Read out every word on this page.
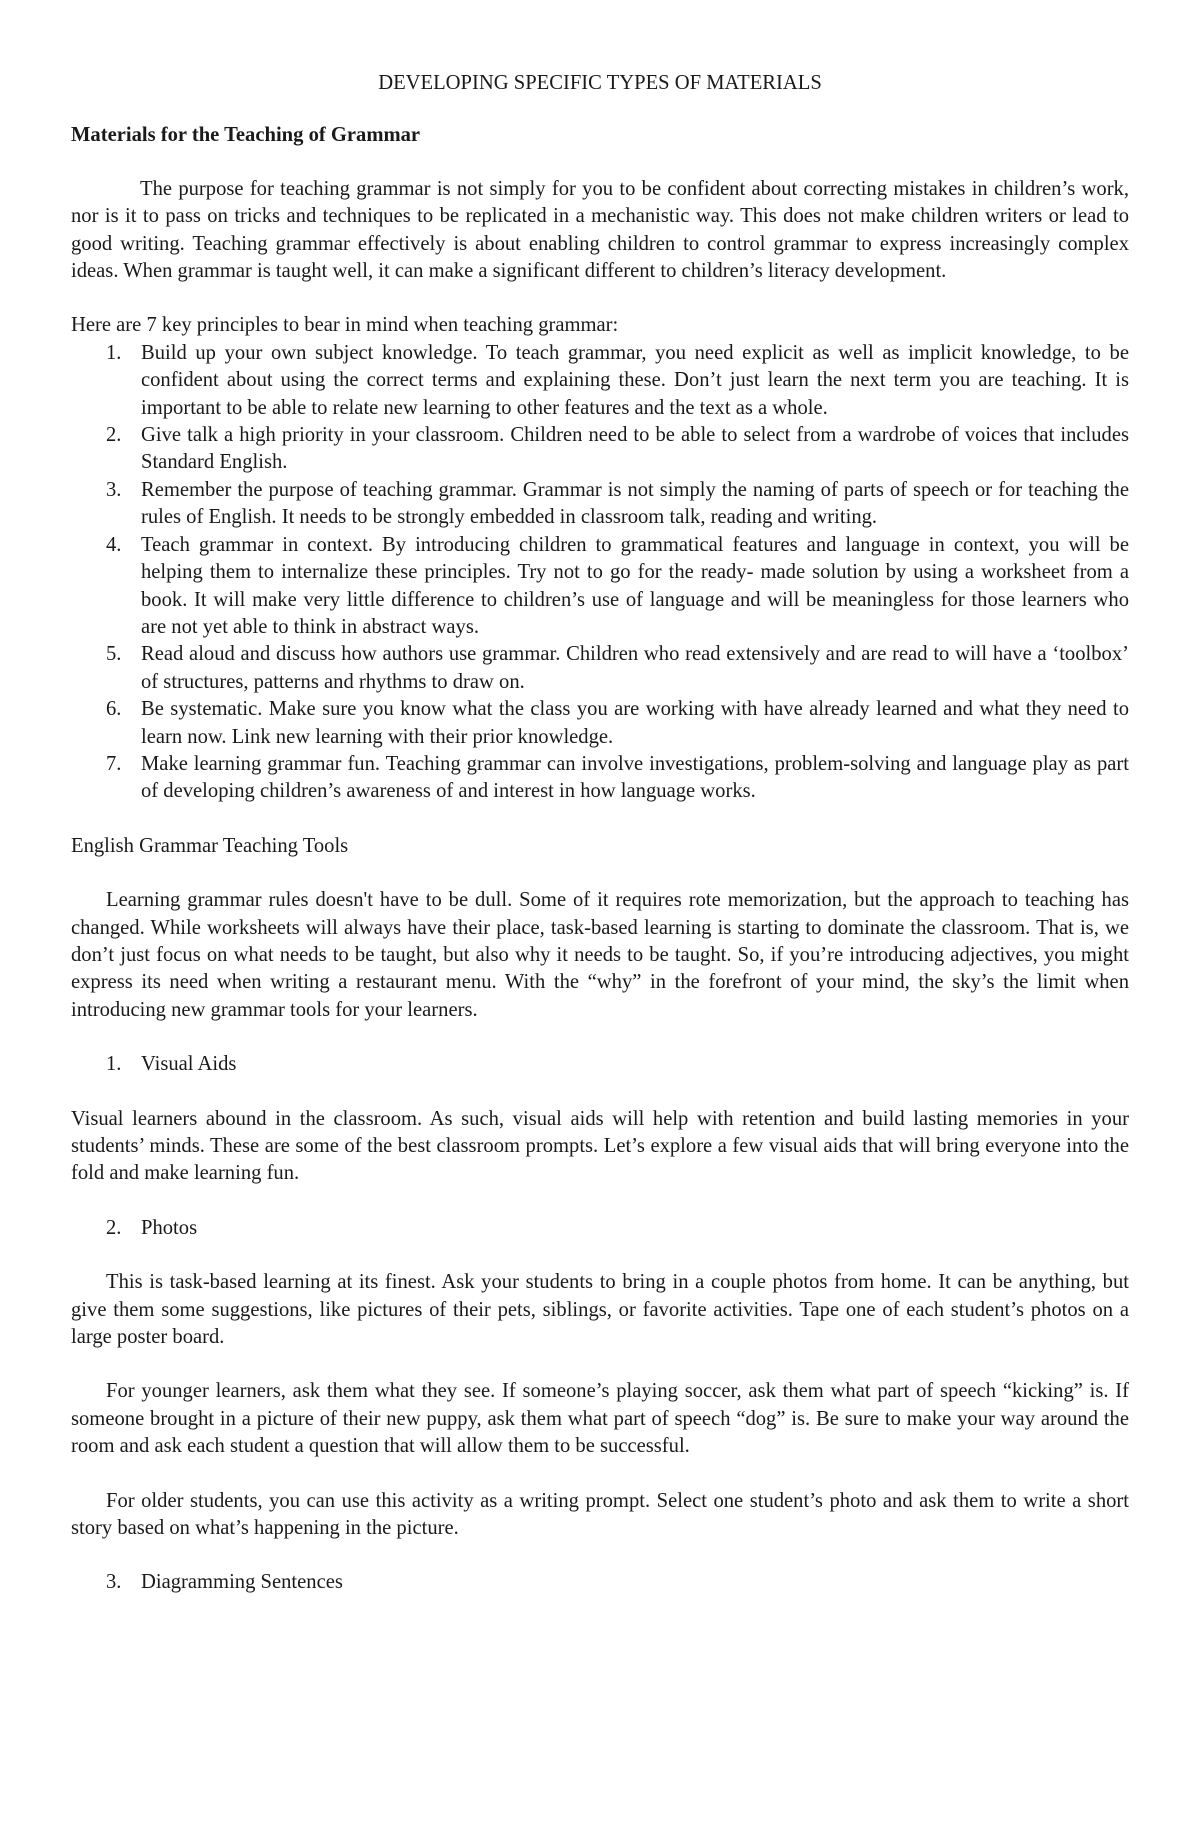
DEVELOPING SPECIFIC TYPES OF MATERIALS

Materials for the Teaching of Grammar

The purpose for teaching grammar is not simply for you to be confident about correcting mistakes in children’s work, nor is it to pass on tricks and techniques to be replicated in a mechanistic way. This does not make children writers or lead to good writing. Teaching grammar effectively is about enabling children to control grammar to express increasingly complex ideas. When grammar is taught well, it can make a significant different to children’s literacy development.

Here are 7 key principles to bear in mind when teaching grammar:

1. Build up your own subject knowledge. To teach grammar, you need explicit as well as implicit knowledge, to be confident about using the correct terms and explaining these. Don’t just learn the next term you are teaching. It is important to be able to relate new learning to other features and the text as a whole.
2. Give talk a high priority in your classroom. Children need to be able to select from a wardrobe of voices that includes Standard English.
3. Remember the purpose of teaching grammar. Grammar is not simply the naming of parts of speech or for teaching the rules of English. It needs to be strongly embedded in classroom talk, reading and writing.
4. Teach grammar in context. By introducing children to grammatical features and language in context, you will be helping them to internalize these principles. Try not to go for the ready- made solution by using a worksheet from a book. It will make very little difference to children’s use of language and will be meaningless for those learners who are not yet able to think in abstract ways.
5. Read aloud and discuss how authors use grammar. Children who read extensively and are read to will have a ‘toolbox’ of structures, patterns and rhythms to draw on.
6. Be systematic. Make sure you know what the class you are working with have already learned and what they need to learn now. Link new learning with their prior knowledge.
7. Make learning grammar fun. Teaching grammar can involve investigations, problem-solving and language play as part of developing children’s awareness of and interest in how language works.

English Grammar Teaching Tools

Learning grammar rules doesn't have to be dull. Some of it requires rote memorization, but the approach to teaching has changed. While worksheets will always have their place, task-based learning is starting to dominate the classroom. That is, we don’t just focus on what needs to be taught, but also why it needs to be taught. So, if you’re introducing adjectives, you might express its need when writing a restaurant menu. With the “why” in the forefront of your mind, the sky’s the limit when introducing new grammar tools for your learners.

1. Visual Aids

Visual learners abound in the classroom. As such, visual aids will help with retention and build lasting memories in your students’ minds. These are some of the best classroom prompts. Let’s explore a few visual aids that will bring everyone into the fold and make learning fun.

2. Photos

This is task-based learning at its finest. Ask your students to bring in a couple photos from home. It can be anything, but give them some suggestions, like pictures of their pets, siblings, or favorite activities. Tape one of each student’s photos on a large poster board.

For younger learners, ask them what they see. If someone’s playing soccer, ask them what part of speech “kicking” is. If someone brought in a picture of their new puppy, ask them what part of speech “dog” is. Be sure to make your way around the room and ask each student a question that will allow them to be successful.

For older students, you can use this activity as a writing prompt. Select one student’s photo and ask them to write a short story based on what’s happening in the picture.

3. Diagramming Sentences
